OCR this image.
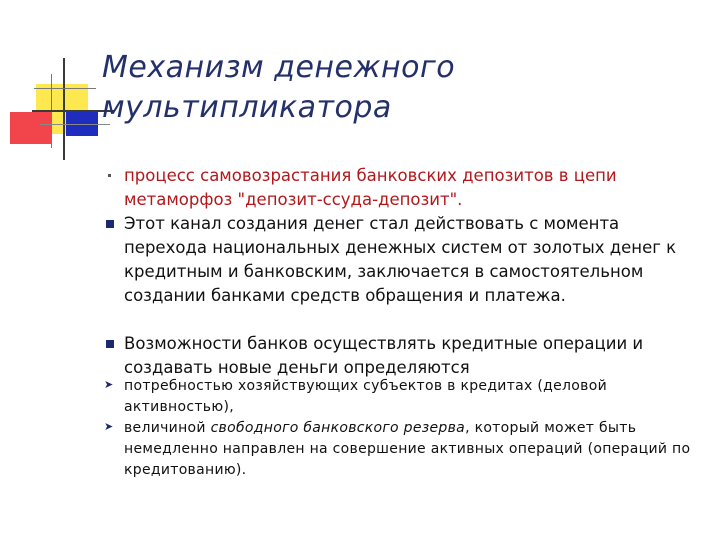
Механизм денежного мультипликатора
процесс самовозрастания банковских депозитов в цепи метаморфоз "депозит-ссуда-депозит".
Этот канал создания денег стал действовать с момента перехода национальных денежных систем от золотых денег к кредитным и банковским, заключается в самостоятельном создании банками средств обращения и платежа.
Возможности банков осуществлять кредитные операции и создавать новые деньги определяются
➤ потребностью хозяйствующих субъектов в кредитах (деловой активностью),
➤ величиной свободного банковского резерва, который может быть немедленно направлен на совершение активных операций (операций по кредитованию).
